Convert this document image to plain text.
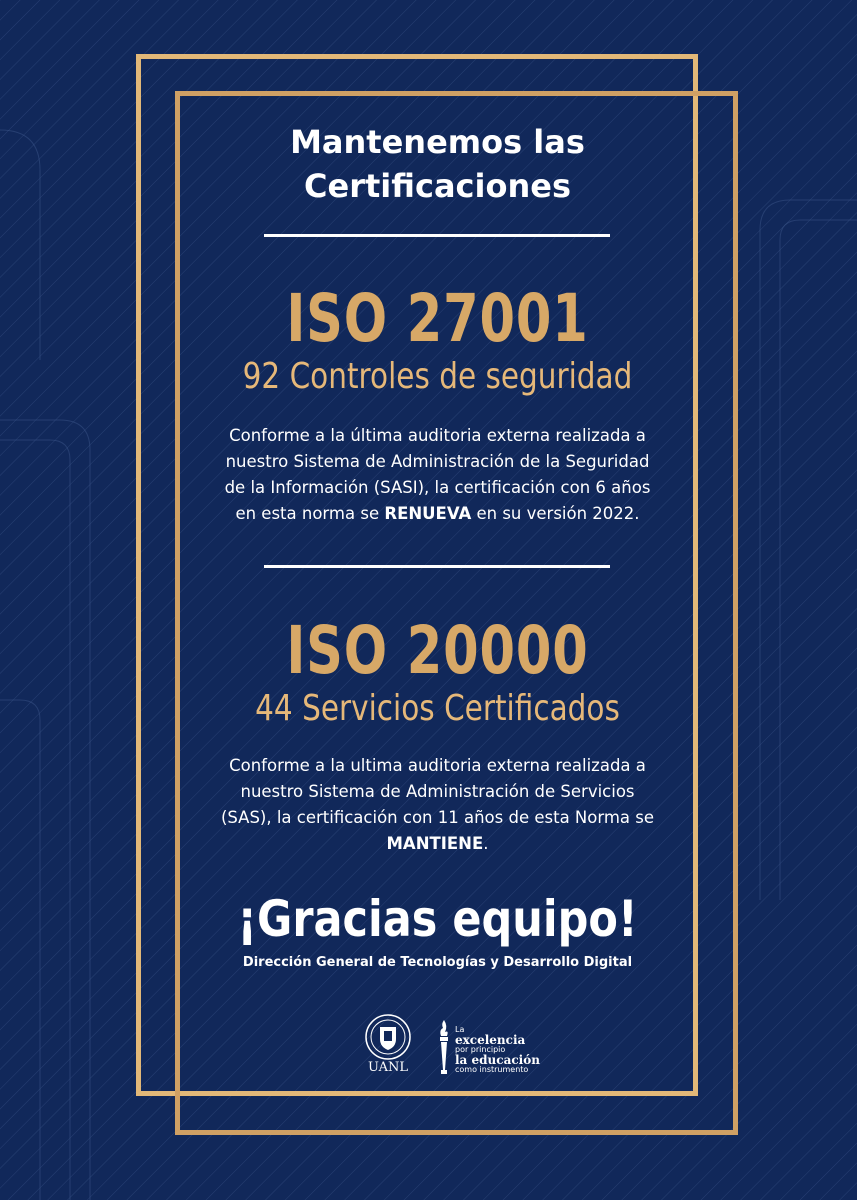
Mantenemos las
Certificaciones
ISO 27001
92 Controles de seguridad
Conforme a la última auditoria externa realizada a
nuestro Sistema de Administración de la Seguridad
de la Información (SASI), la certificación con 6 años
en esta norma se RENUEVA en su versión 2022.
ISO 20000
44 Servicios Certificados
Conforme a la ultima auditoria externa realizada a
nuestro Sistema de Administración de Servicios
(SAS), la certificación con 11 años de esta Norma se
MANTIENE.
¡Gracias equipo!
Dirección General de Tecnologías y Desarrollo Digital
UANL
La
excelencia
por principio
la educación
como instrumento
